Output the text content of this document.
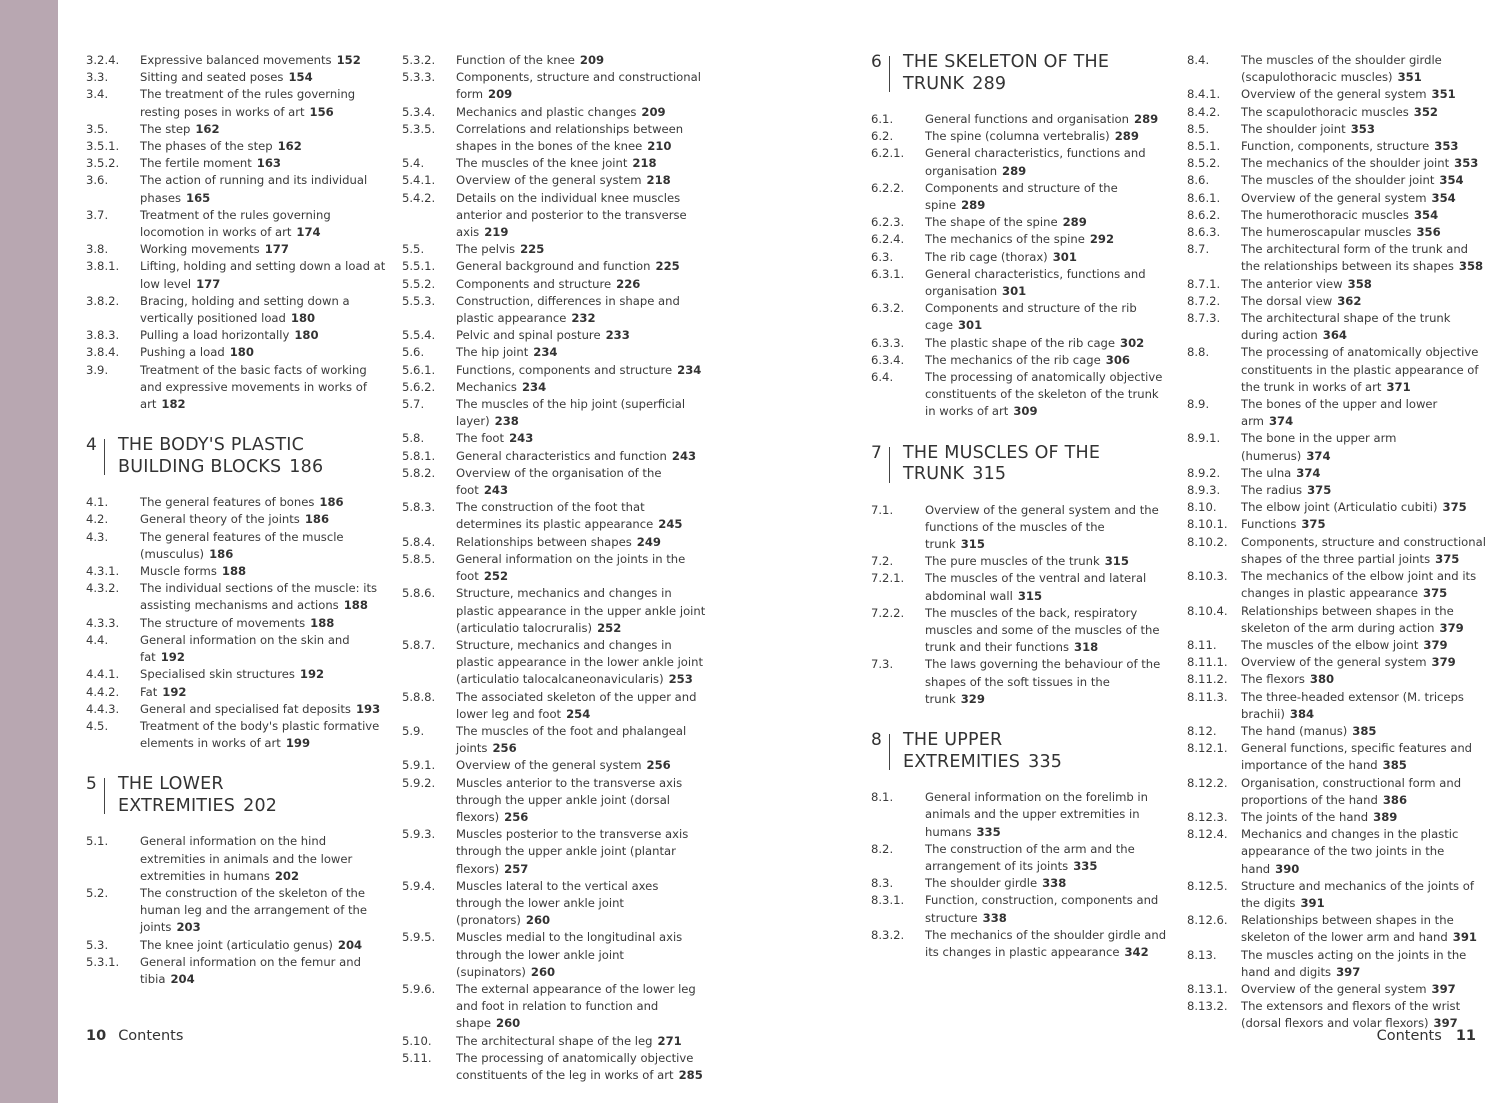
3.2.4.	Expressive balanced movements 152
3.3.	Sitting and seated poses 154
3.4.	The treatment of the rules governing resting poses in works of art 156
3.5.	The step 162
3.5.1.	The phases of the step 162
3.5.2.	The fertile moment 163
3.6.	The action of running and its individual phases 165
3.7.	Treatment of the rules governing locomotion in works of art 174
3.8.	Working movements 177
3.8.1.	Lifting, holding and setting down a load at low level 177
3.8.2.	Bracing, holding and setting down a vertically positioned load 180
3.8.3.	Pulling a load horizontally 180
3.8.4.	Pushing a load 180
3.9.	Treatment of the basic facts of working and expressive movements in works of art 182
4	THE BODY'S PLASTIC BUILDING BLOCKS 186
4.1.	The general features of bones 186
4.2.	General theory of the joints 186
4.3.	The general features of the muscle (musculus) 186
4.3.1.	Muscle forms 188
4.3.2.	The individual sections of the muscle: its assisting mechanisms and actions 188
4.3.3.	The structure of movements 188
4.4.	General information on the skin and fat 192
4.4.1.	Specialised skin structures 192
4.4.2.	Fat 192
4.4.3.	General and specialised fat deposits 193
4.5.	Treatment of the body's plastic formative elements in works of art 199
5	THE LOWER EXTREMITIES 202
5.1.	General information on the hind extremities in animals and the lower extremities in humans 202
5.2.	The construction of the skeleton of the human leg and the arrangement of the joints 203
5.3.	The knee joint (articulatio genus) 204
5.3.1.	General information on the femur and tibia 204
5.3.2.	Function of the knee 209
5.3.3.	Components, structure and constructional form 209
5.3.4.	Mechanics and plastic changes 209
5.3.5.	Correlations and relationships between shapes in the bones of the knee 210
5.4.	The muscles of the knee joint 218
5.4.1.	Overview of the general system 218
5.4.2.	Details on the individual knee muscles anterior and posterior to the transverse axis 219
5.5.	The pelvis 225
5.5.1.	General background and function 225
5.5.2.	Components and structure 226
5.5.3.	Construction, differences in shape and plastic appearance 232
5.5.4.	Pelvic and spinal posture 233
5.6.	The hip joint 234
5.6.1.	Functions, components and structure 234
5.6.2.	Mechanics 234
5.7.	The muscles of the hip joint (superficial layer) 238
5.8.	The foot 243
5.8.1.	General characteristics and function 243
5.8.2.	Overview of the organisation of the foot 243
5.8.3.	The construction of the foot that determines its plastic appearance 245
5.8.4.	Relationships between shapes 249
5.8.5.	General information on the joints in the foot 252
5.8.6.	Structure, mechanics and changes in plastic appearance in the upper ankle joint (articulatio talocruralis) 252
5.8.7.	Structure, mechanics and changes in plastic appearance in the lower ankle joint (articulatio talocalcaneonavicularis) 253
5.8.8.	The associated skeleton of the upper and lower leg and foot 254
5.9.	The muscles of the foot and phalangeal joints 256
5.9.1.	Overview of the general system 256
5.9.2.	Muscles anterior to the transverse axis through the upper ankle joint (dorsal flexors) 256
5.9.3.	Muscles posterior to the transverse axis through the upper ankle joint (plantar flexors) 257
5.9.4.	Muscles lateral to the vertical axes through the lower ankle joint (pronators) 260
5.9.5.	Muscles medial to the longitudinal axis through the lower ankle joint (supinators) 260
5.9.6.	The external appearance of the lower leg and foot in relation to function and shape 260
5.10.	The architectural shape of the leg 271
5.11.	The processing of anatomically objective constituents of the leg in works of art 285
6	THE SKELETON OF THE TRUNK 289
6.1.	General functions and organisation 289
6.2.	The spine (columna vertebralis) 289
6.2.1.	General characteristics, functions and organisation 289
6.2.2.	Components and structure of the spine 289
6.2.3.	The shape of the spine 289
6.2.4.	The mechanics of the spine 292
6.3.	The rib cage (thorax) 301
6.3.1.	General characteristics, functions and organisation 301
6.3.2.	Components and structure of the rib cage 301
6.3.3.	The plastic shape of the rib cage 302
6.3.4.	The mechanics of the rib cage 306
6.4.	The processing of anatomically objective constituents of the skeleton of the trunk in works of art 309
7	THE MUSCLES OF THE TRUNK 315
7.1.	Overview of the general system and the functions of the muscles of the trunk 315
7.2.	The pure muscles of the trunk 315
7.2.1.	The muscles of the ventral and lateral abdominal wall 315
7.2.2.	The muscles of the back, respiratory muscles and some of the muscles of the trunk and their functions 318
7.3.	The laws governing the behaviour of the shapes of the soft tissues in the trunk 329
8	THE UPPER EXTREMITIES 335
8.1.	General information on the forelimb in animals and the upper extremities in humans 335
8.2.	The construction of the arm and the arrangement of its joints 335
8.3.	The shoulder girdle 338
8.3.1.	Function, construction, components and structure 338
8.3.2.	The mechanics of the shoulder girdle and its changes in plastic appearance 342
8.4.	The muscles of the shoulder girdle (scapulothoracic muscles) 351
8.4.1.	Overview of the general system 351
8.4.2.	The scapulothoracic muscles 352
8.5.	The shoulder joint 353
8.5.1.	Function, components, structure 353
8.5.2.	The mechanics of the shoulder joint 353
8.6.	The muscles of the shoulder joint 354
8.6.1.	Overview of the general system 354
8.6.2.	The humerothoracic muscles 354
8.6.3.	The humeroscapular muscles 356
8.7.	The architectural form of the trunk and the relationships between its shapes 358
8.7.1.	The anterior view 358
8.7.2.	The dorsal view 362
8.7.3.	The architectural shape of the trunk during action 364
8.8.	The processing of anatomically objective constituents in the plastic appearance of the trunk in works of art 371
8.9.	The bones of the upper and lower arm 374
8.9.1.	The bone in the upper arm (humerus) 374
8.9.2.	The ulna 374
8.9.3.	The radius 375
8.10.	The elbow joint (Articulatio cubiti) 375
8.10.1.	Functions 375
8.10.2.	Components, structure and constructional shapes of the three partial joints 375
8.10.3.	The mechanics of the elbow joint and its changes in plastic appearance 375
8.10.4.	Relationships between shapes in the skeleton of the arm during action 379
8.11.	The muscles of the elbow joint 379
8.11.1.	Overview of the general system 379
8.11.2.	The flexors 380
8.11.3.	The three-headed extensor (M. triceps brachii) 384
8.12.	The hand (manus) 385
8.12.1.	General functions, specific features and importance of the hand 385
8.12.2.	Organisation, constructional form and proportions of the hand 386
8.12.3.	The joints of the hand 389
8.12.4.	Mechanics and changes in the plastic appearance of the two joints in the hand 390
8.12.5.	Structure and mechanics of the joints of the digits 391
8.12.6.	Relationships between shapes in the skeleton of the lower arm and hand 391
8.13.	The muscles acting on the joints in the hand and digits 397
8.13.1.	Overview of the general system 397
8.13.2.	The extensors and flexors of the wrist (dorsal flexors and volar flexors) 397
10 Contents	Contents 11
